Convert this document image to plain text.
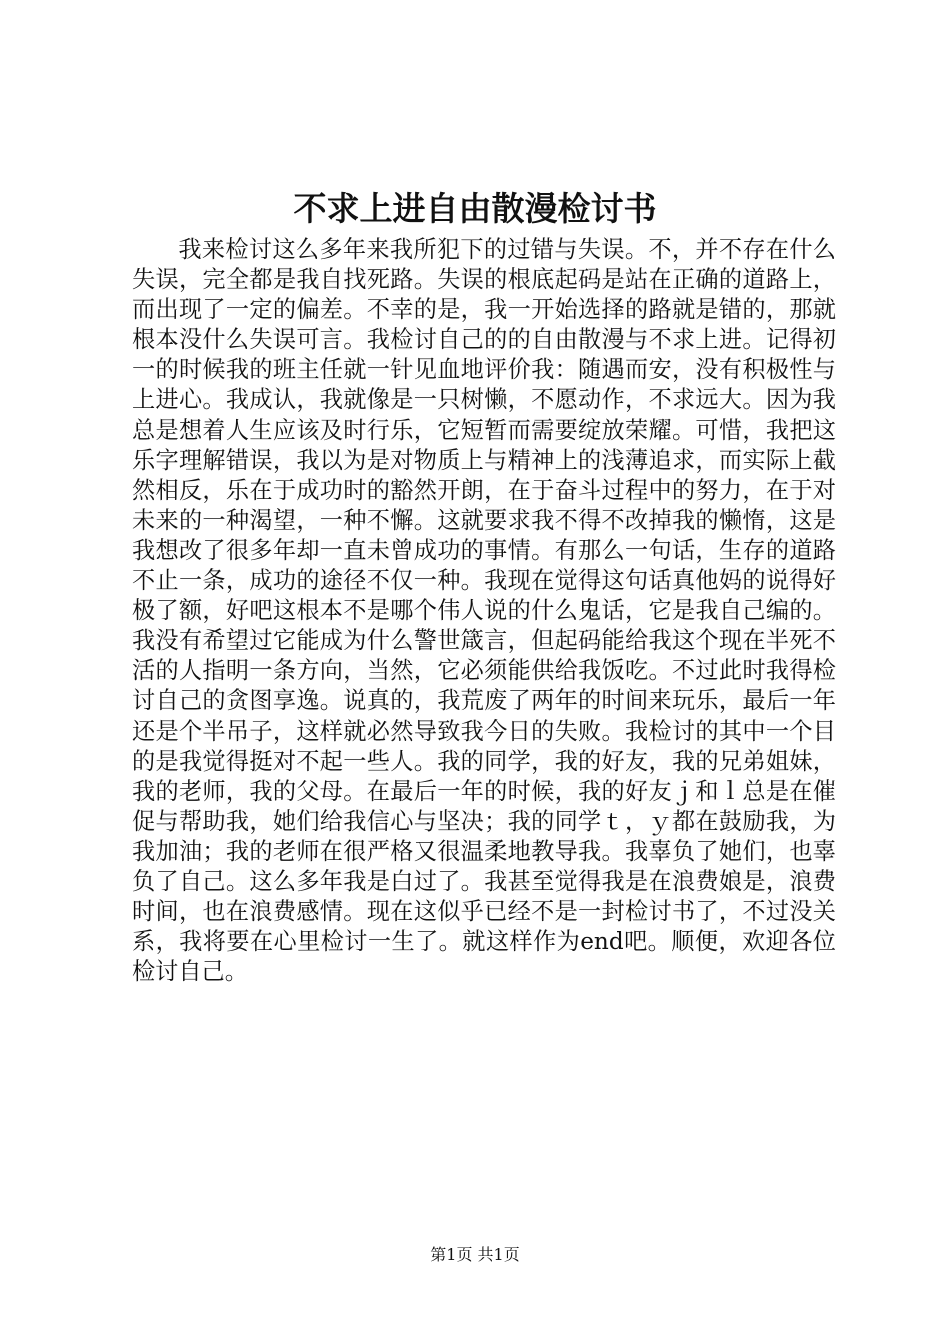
不求上进自由散漫检讨书

我来检讨这么多年来我所犯下的过错与失误。不，并不存在什么失误，完全都是我自找死路。失误的根底起码是站在正确的道路上，而出现了一定的偏差。不幸的是，我一开始选择的路就是错的，那就根本没什么失误可言。我检讨自己的的自由散漫与不求上进。记得初一的时候我的班主任就一针见血地评价我：随遇而安，没有积极性与上进心。我成认，我就像是一只树懒，不愿动作，不求远大。因为我总是想着人生应该及时行乐，它短暂而需要绽放荣耀。可惜，我把这乐字理解错误，我以为是对物质上与精神上的浅薄追求，而实际上截然相反，乐在于成功时的豁然开朗，在于奋斗过程中的努力，在于对未来的一种渴望，一种不懈。这就要求我不得不改掉我的懒惰，这是我想改了很多年却一直未曾成功的事情。有那么一句话，生存的道路不止一条，成功的途径不仅一种。我现在觉得这句话真他妈的说得好极了额，好吧这根本不是哪个伟人说的什么鬼话，它是我自己编的。我没有希望过它能成为什么警世箴言，但起码能给我这个现在半死不活的人指明一条方向，当然，它必须能供给我饭吃。不过此时我得检讨自己的贪图享逸。说真的，我荒废了两年的时间来玩乐，最后一年还是个半吊子，这样就必然导致我今日的失败。我检讨的其中一个目的是我觉得挺对不起一些人。我的同学，我的好友，我的兄弟姐妹，我的老师，我的父母。在最后一年的时候，我的好友ｊ和ｌ总是在催促与帮助我，她们给我信心与坚决；我的同学ｔ，ｙ都在鼓励我，为我加油；我的老师在很严格又很温柔地教导我。我辜负了她们，也辜负了自己。这么多年我是白过了。我甚至觉得我是在浪费娘是，浪费时间，也在浪费感情。现在这似乎已经不是一封检讨书了，不过没关系，我将要在心里检讨一生了。就这样作为end吧。顺便，欢迎各位检讨自己。

第1页 共1页
